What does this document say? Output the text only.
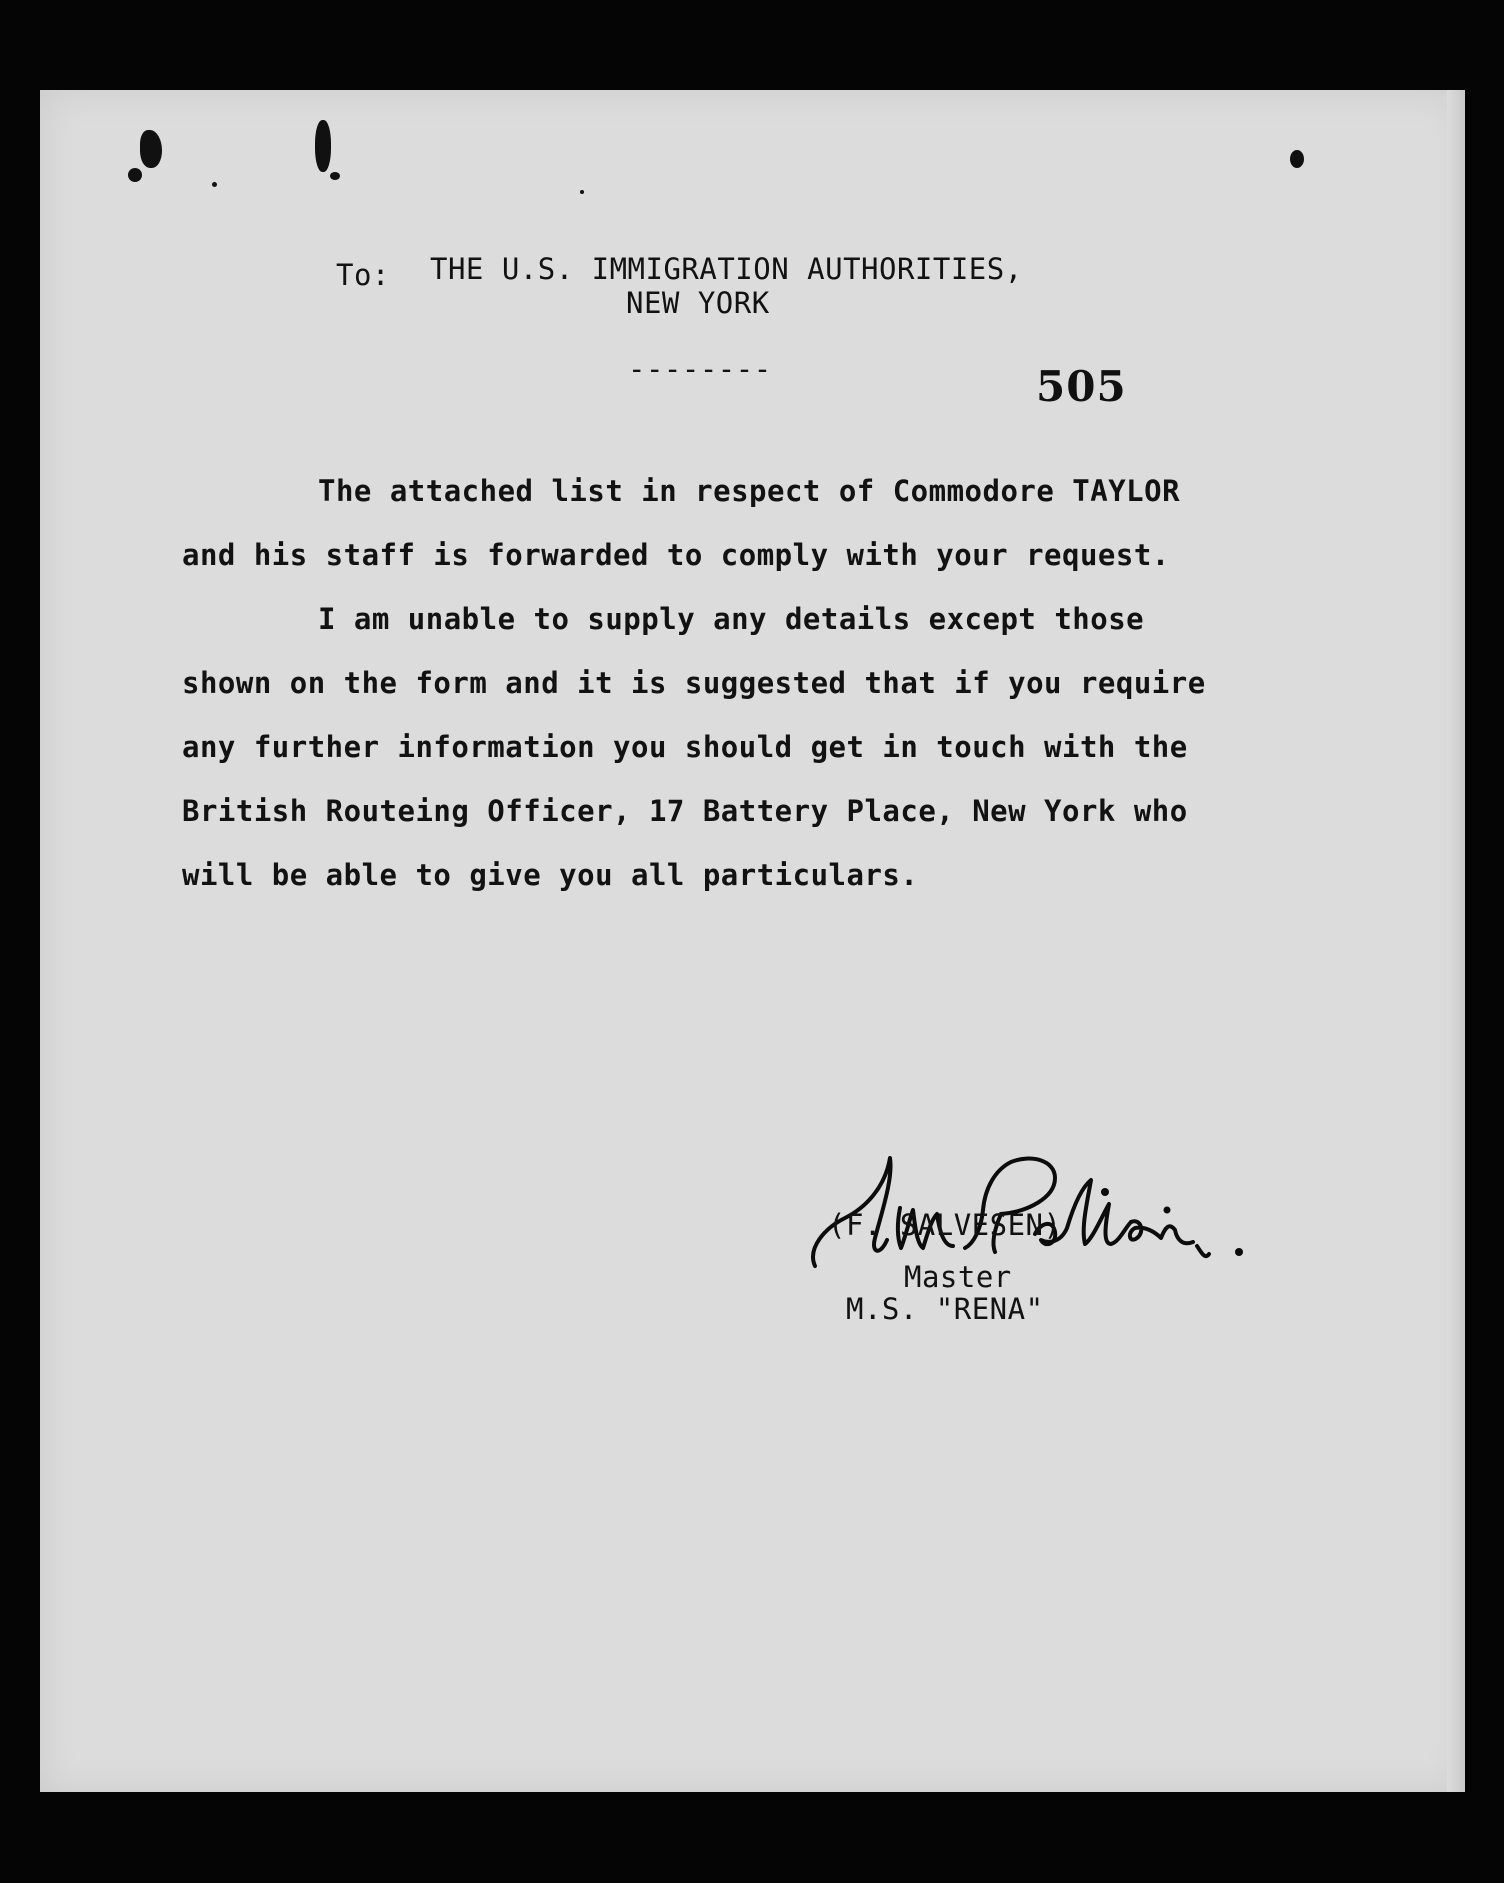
To: THE U.S. IMMIGRATION AUTHORITIES,
NEW YORK
--------	505
The attached list in respect of Commodore TAYLOR
and his staff is forwarded to comply with your request.
I am unable to supply any details except those
shown on the form and it is suggested that if you require
any further information you should get in touch with the
British Routeing Officer, 17 Battery Place, New York who
will be able to give you all particulars.
(F. SALVESEN)
Master
M.S. "RENA"
